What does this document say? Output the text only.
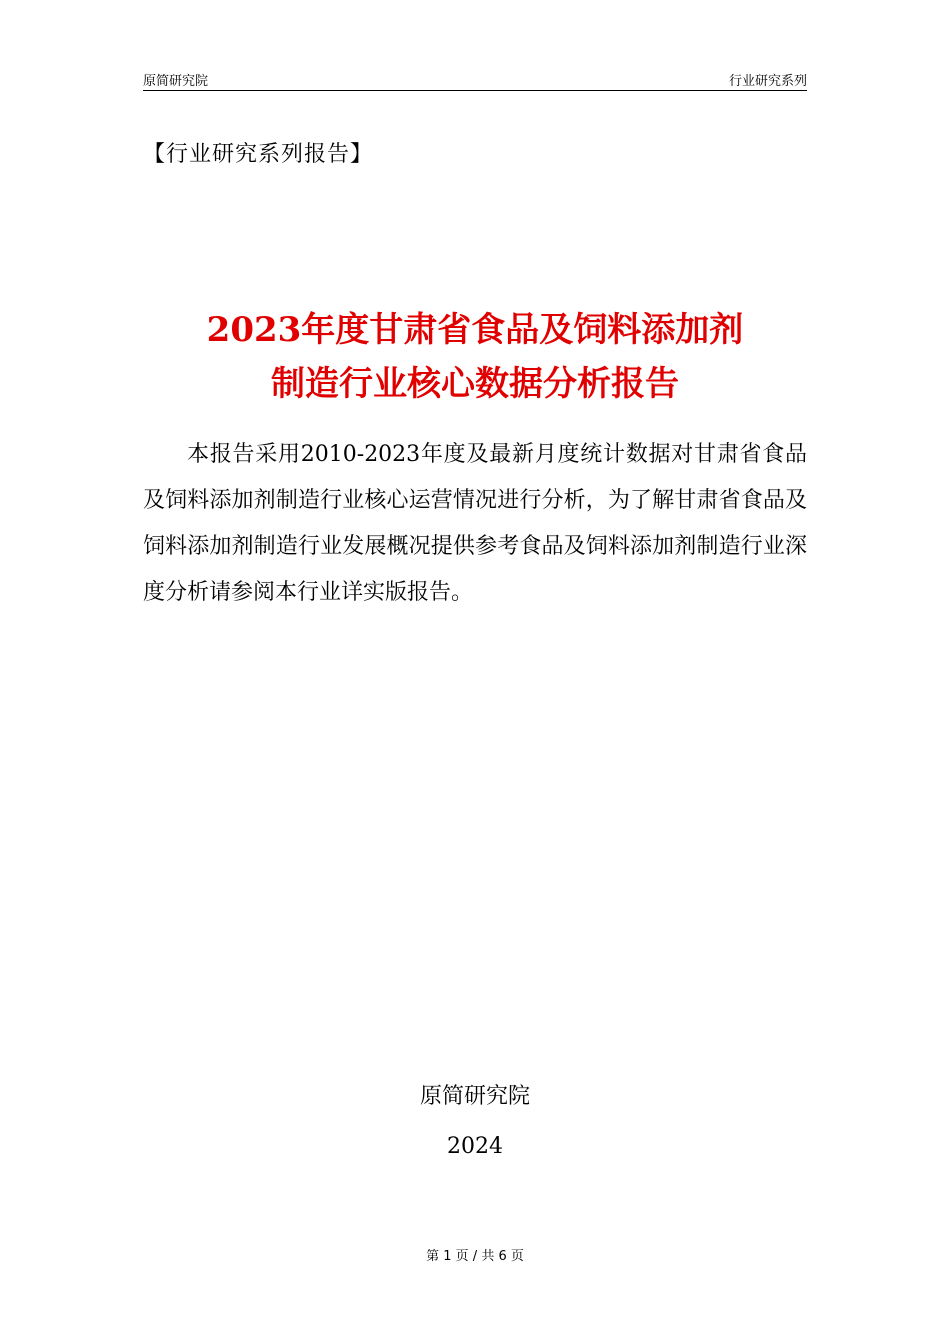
原简研究院	行业研究系列
【行业研究系列报告】
2023年度甘肃省食品及饲料添加剂
制造行业核心数据分析报告

本报告采用2010-2023年度及最新月度统计数据对甘肃省食品及饲料添加剂制造行业核心运营情况进行分析，为了解甘肃省食品及饲料添加剂制造行业发展概况提供参考食品及饲料添加剂制造行业深度分析请参阅本行业详实版报告。

原简研究院
2024
第 1 页 / 共 6 页
